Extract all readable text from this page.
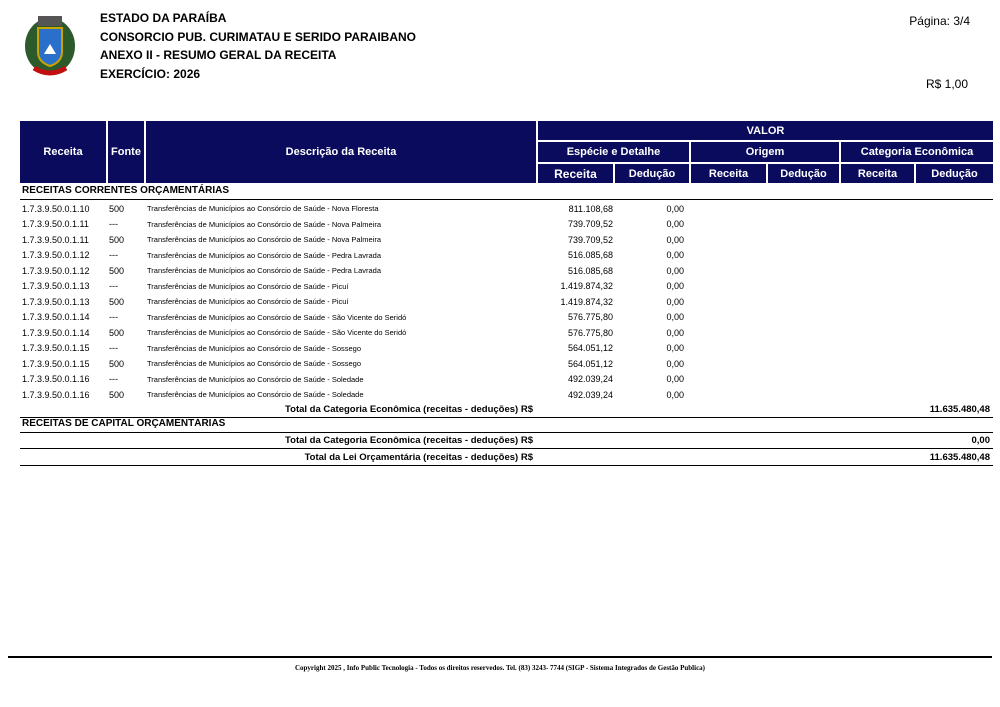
ESTADO DA PARAÍBA
CONSORCIO PUB. CURIMATAU E SERIDO PARAIBANO
ANEXO II - RESUMO GERAL DA RECEITA
EXERCÍCIO: 2026
Página: 3/4
R$ 1,00
Receita	Fonte	Descrição da Receita
VALOR
Espécie e Detalhe	Origem	Categoria Econômica
Receita	Dedução	Receita	Dedução	Receita	Dedução
RECEITAS CORRENTES ORÇAMENTÁRIAS
1.7.3.9.50.0.1.10	500	Transferências de Municípios ao Consórcio de Saúde - Nova Floresta	811.108,68	0,00
1.7.3.9.50.0.1.11	---	Transferências de Municípios ao Consórcio de Saúde - Nova Palmeira	739.709,52	0,00
1.7.3.9.50.0.1.11	500	Transferências de Municípios ao Consórcio de Saúde - Nova Palmeira	739.709,52	0,00
1.7.3.9.50.0.1.12	---	Transferências de Municípios ao Consórcio de Saúde - Pedra Lavrada	516.085,68	0,00
1.7.3.9.50.0.1.12	500	Transferências de Municípios ao Consórcio de Saúde - Pedra Lavrada	516.085,68	0,00
1.7.3.9.50.0.1.13	---	Transferências de Municípios ao Consórcio de Saúde - Picuí	1.419.874,32	0,00
1.7.3.9.50.0.1.13	500	Transferências de Municípios ao Consórcio de Saúde - Picuí	1.419.874,32	0,00
1.7.3.9.50.0.1.14	---	Transferências de Municípios ao Consórcio de Saúde - São Vicente do Seridó	576.775,80	0,00
1.7.3.9.50.0.1.14	500	Transferências de Municípios ao Consórcio de Saúde - São Vicente do Seridó	576.775,80	0,00
1.7.3.9.50.0.1.15	---	Transferências de Municípios ao Consórcio de Saúde - Sossego	564.051,12	0,00
1.7.3.9.50.0.1.15	500	Transferências de Municípios ao Consórcio de Saúde - Sossego	564.051,12	0,00
1.7.3.9.50.0.1.16	---	Transferências de Municípios ao Consórcio de Saúde - Soledade	492.039,24	0,00
1.7.3.9.50.0.1.16	500	Transferências de Municípios ao Consórcio de Saúde - Soledade	492.039,24	0,00
Total da Categoria Econômica (receitas - deduções) R$	11.635.480,48
RECEITAS DE CAPITAL ORÇAMENTÁRIAS
Total da Categoria Econômica (receitas - deduções) R$	0,00
Total da Lei Orçamentária (receitas - deduções) R$	11.635.480,48
Copyright 2025 , Info Public Tecnologia - Todos os direitos reservedos. Tel. (83) 3243- 7744 (SIGP - Sistema Integrados de Gestão Publica)
